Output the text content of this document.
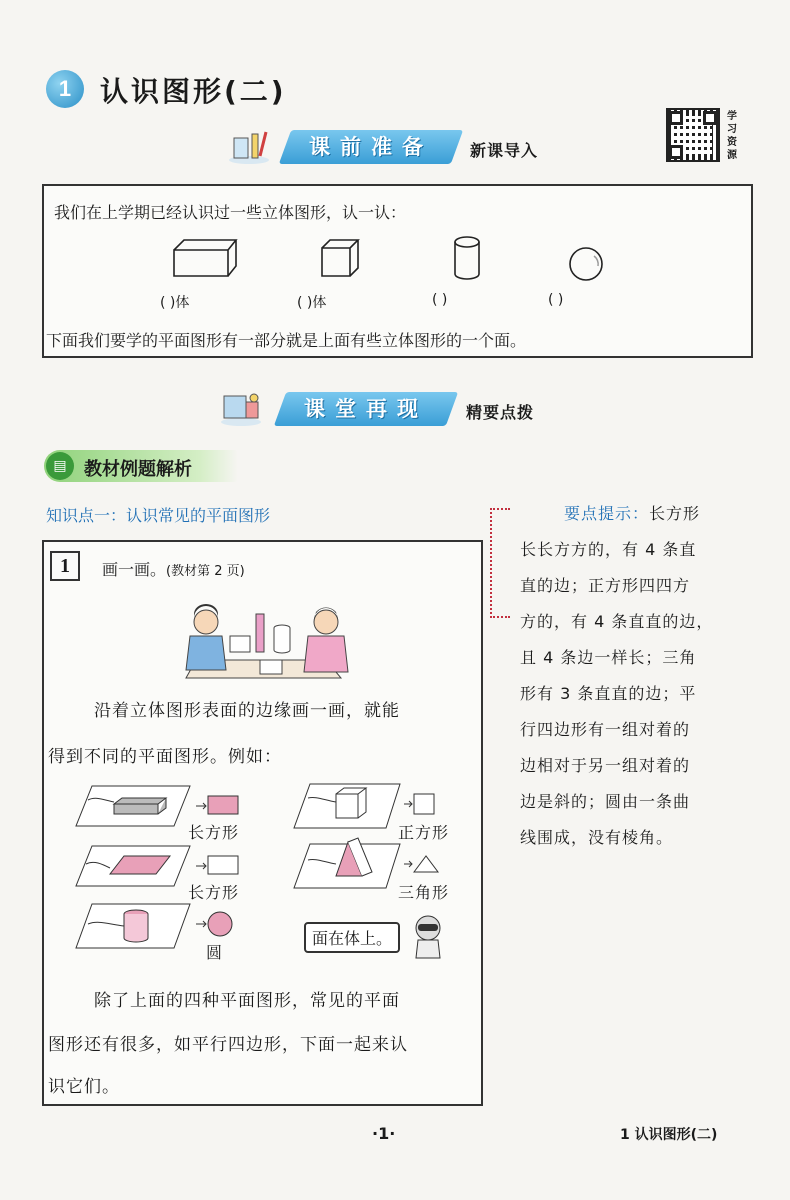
1	认识图形(二)
学
习
资
源
课前准备	新课导入
我们在上学期已经认识过一些立体图形，认一认：
( )体	( )体	( )	( )
下面我们要学的平面图形有一部分就是上面有些立体图形的一个面。
课堂再现	精要点拨
▤ 教材例题解析
知识点一：认识常见的平面图形
1	画一画。(教材第 2 页)
沿着立体图形表面的边缘画一画，就能
得到不同的平面图形。例如：
长方形	正方形
长方形	三角形
圆
面在体上。
除了上面的四种平面图形，常见的平面
图形还有很多，如平行四边形，下面一起来认
识它们。
要点提示：长方形
长长方方的，有 4 条直
直的边；正方形四四方
方的，有 4 条直直的边，
且 4 条边一样长；三角
形有 3 条直直的边；平
行四边形有一组对着的
边相对于另一组对着的
边是斜的；圆由一条曲
线围成，没有棱角。
·1·	1 认识图形(二)
